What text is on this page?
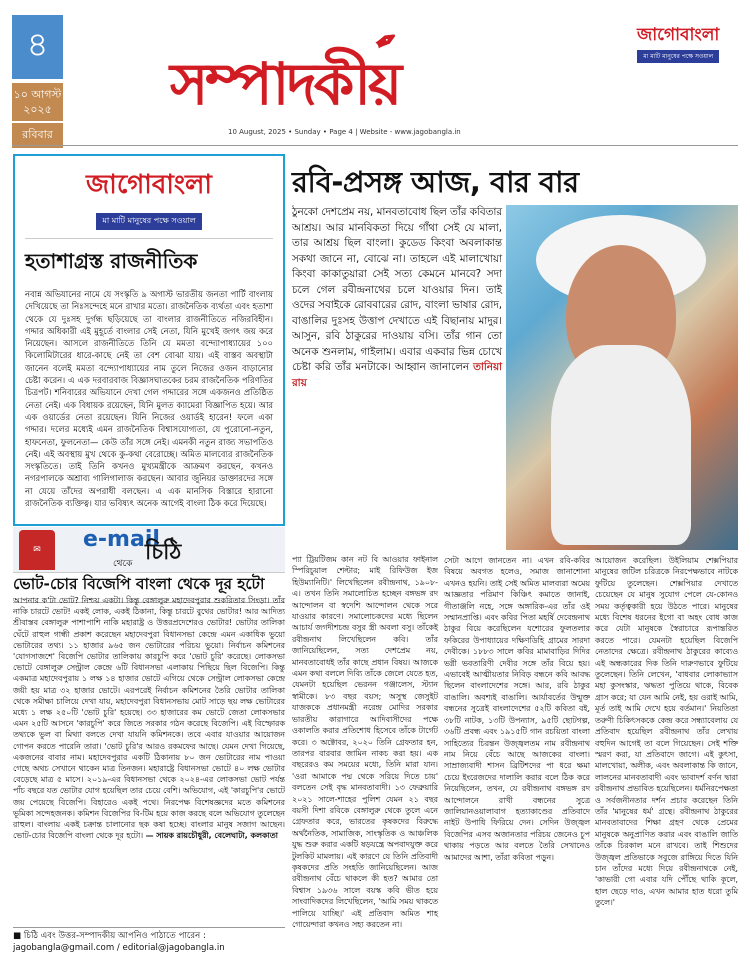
৪
১০ আগস্ট ২০২৫
রবিবার
সম্পাদকীয়
✒	জাগোবাংলা
মা মাটি মানুষের পক্ষে সওয়াল
10 August, 2025 • Sunday • Page 4 | Website - www.jagobangla.in
জাগোবাংলা
মা মাটি মানুষের পক্ষে সওয়াল
হতাশাগ্রস্ত রাজনীতিক

নবান্ন অভিযানের নামে যে সংস্কৃতি ৯ অগাস্ট ভারতীয় জনতা পার্টি বাংলায় দেখিয়েছে তা নিঃসন্দেহে মনে রাখার মতো। রাজনৈতিক ব্যর্থতা এবং হতাশা থেকে যে দুঃসহ দুর্গন্ধ ছড়িয়েছে তা বাংলার রাজনীতিতে নজিরবিহীন। গদ্দার অধিকারী এই মুহূর্তে বাংলার সেই নেতা, যিনি মুখেই জগৎ জয় করে নিয়েছেন। আসলে রাজনীতিতে তিনি যে মমতা বন্দ্যোপাধ্যায়ের ১০০ কিলোমিটারের ধারে-কাছে নেই তা বেশ বোঝা যায়। এই বাস্তব অবস্থাটা জানেন বলেই মমতা বন্দ্যোপাধ্যায়ের নাম তুলে নিজের ওজন বাড়ানোর চেষ্টা করেন। এ এক দরবারবাজ বিজ্ঞাসঘাতকের চরম রাজনৈতিক পরিণতির চিত্রপট। শনিবারের অভিযানে দেখা গেল গদ্দারের সঙ্গে একজনও প্রতিষ্ঠিত নেতা নেই। এক বিধায়ক রয়েছেন, যিনি মুলত ক্যামেরা বিজ্ঞাপিত হয়ে। আর এক ওয়ার্ডের নেতা রয়েছেন। যিনি নিজের ওয়ার্ডই হারেন! ফলে একা গদ্দার। দলের মধ্যেই এমন রাজনৈতিক বিশ্বাসযোগ্যতা, যে পুরোনো-নতুন, হাফনেতা, ফুলনেতা— কেউ তাঁর সঙ্গে নেই। এমনকী নতুন রাজ্য সভাপতিও নেই। এই অবস্থায় মুখ থেকে কু-কথা বেরোচ্ছে। অমিত মালব্যের রাজনৈতিক সংস্কৃতিতে। তাই তিনি কখনও মুখ্যমন্ত্রীকে আক্রমণ করছেন, কখনও নগরপালকে অশ্রাব্য গালিগালাজ করছেন। আবার জুনিয়র ডাক্তারদের সঙ্গে না যেয়ে তাঁদের অপরাধী বলছেন। এ এক মানসিক বিস্তারে হারানো রাজনৈতিক ব্যক্তিত্ব। যার ভবিষ্যৎ অনেক আগেই বাংলা ঠিক করে দিয়েছে।

✉	e-mail
থেকে চিঠি
ভোট-চোর বিজেপি বাংলা থেকে দূর হটো
আপনার ক'টা ভোট? নিশ্চয় একটা। কিন্তু বেঙ্গালুরু মহাদেবপুরার শুকরিতার সিংড়া। তাঁর নাকি চারটে ভোট! একই লোক, একই ঠিকানা, কিন্তু চারটে বুথের ভোটার! আর আদিত্য শ্রীবাস্তব বেঙ্গালুরু পাশাপাশি নাকি মহারাষ্ট্র ও উত্তরপ্রদেশেরও ভোটার! ভোটার তালিকা ঘেঁটে রাহুল গান্ধী প্রকাশ করেছেন মহাদেবপুরা বিধানসভা কেন্দ্রে এমন একাধিক ভুয়ো ভোটারের তথ্য। ১১ হাজার ৯৬৫ জন ভোটারের পরিচয় ভুয়ো। নির্বাচন কমিশনের 'যোগসাজশে' বিজেপি ভোটার তালিকায় কারচুপি করে 'ভোট চুরি' করেছে। লোকসভা ভোটে বেঙ্গালুরু সেন্ট্রাল কেন্দ্রে ৬টি বিধানসভা এলাকায় পিছিয়ে ছিল বিজেপি। কিন্তু একমাত্র মহাদেবপুরায় ১ লক্ষ ১৪ হাজার ভোটে এগিয়ে থেকে সেন্ট্রাল লোকসভা কেন্দ্রে জয়ী হয় মাত্র ৩২ হাজার ভোটে। এরপরেই নির্বাচন কমিশনের তৈরি ভোটার তালিকা থেকে সমীক্ষা চালিয়ে দেখা যায়, মহাদেবপুরা বিধানসভায় মোট সাড়ে ছয় লক্ষ ভোটারের মধ্যে ১ লক্ষ ২৫০টি 'ভোট চুরি' হয়েছে। ৩৩ হাজারের কম ভোটে জেতা লোকসভার এমন ২৫টি আসনে 'কারচুপি' করে জিতে সরকার গঠন করেছে বিজেপি। এই বিস্ফোরক তথ্যকে ভুল বা মিথ্যা বলতে দেখা যায়নি কমিশনকে। তবে এবার যাওয়ার আয়োজন গোপন করতে পারেনি তারা। 'ভোট চুরি'র আরও রকমফের আছে। যেমন দেখা গিয়েছে, একজনের বাবার নাম। মহাদেবপুরার একটি ঠিকানায় ৮০ জন ভোটারের নাম পাওয়া গেছে অথচ সেখানে থাকেন মাত্র তিনজন। মহারাষ্ট্রে বিধানসভা ভোটে ৪০ লক্ষ ভোটার বেড়েছে মাত্র ৫ মাসে। ২০১৯-এর বিধানসভা থেকে ২০২৪-এর লোকসভা ভোট পর্যন্ত পাঁচ বছরে যত ভোটার যোগ হয়েছিল তার চেয়ে বেশি। অভিযোগ, এই 'কারচুপি'র ভোটে জয় পেয়েছে বিজেপি। বিহারেও একই পথে। নিরপেক্ষ বিশেষজ্ঞদের মতে কমিশনের ভূমিকা সন্দেহজনক। কমিশন বিজেপির বি-টিম হয়ে কাজ করছে বলে অভিযোগ তুলেছেন রাহুল। বাংলায় একই চক্রান্ত চালানোর ছক কষা হচ্ছে। বাংলার মানুষ সজাগ আছেন। ভোট-চোর বিজেপি বাংলা থেকে দূর হটো। — সায়ক রায়চৌধুরী, বেলেঘাটা, কলকাতা
■ চিঠি এবং উত্তর-সম্পাদকীয় আপনিও পাঠাতে পারেন :
jagobangla@gmail.com / editorial@jagobangla.in
রবি-প্রসঙ্গ আজ, বার বার
ঠুনকো দেশপ্রেম নয়, মানবতাবোধ ছিল তাঁর কবিতার আশ্রয়। আর মানবিকতা দিয়ে গাঁথা সেই যে মালা, তার আশ্রয় ছিল বাংলা। কুডেড কিংবা অবলাকান্ত সকথা জানে না, বোঝে না। তাহলে এই মালাখোয়া কিংবা কাকাতুয়ারা সেই সত্য কেমনে মানবে? সদা চলে গেল রবীন্দ্রনাথের চলে যাওয়ার দিন। তাই ওদের সবাইকে রোববারের রোদ, বাংলা ভাষার রোদ, বাঙালির দুঃসহ উত্তাপ দেখাতে এই বিছানায় মাদুর। আসুন, রবি ঠাকুরের দাওয়ায় বসি। তাঁর গান তো অনেক শুনলাম, গাইলাম। এবার একবার ভিন্ন চোখে চেষ্টা করি তাঁর মনটাকে। আহ্বান জানালেন তানিয়া রায়
প্যা ট্রিয়টিজম কান নট বি আওয়ার ফাইনাল স্পিরিচুয়াল শেল্টার; মাই রিফিউজ ইজ হিউম্যানিটি।' লিখেছিলেন রবীন্দ্রনাথ, ১৯০৮-এ। তখন তিনি সমালোচিত হচ্ছেন বঙ্গভঙ্গ রদ আন্দোলন বা স্বদেশি আন্দোলন থেকে সরে যাওয়ার কারণে। সমালোচকদের মধ্যে ছিলেন আচার্য জগদীশচন্দ্র বসুর স্ত্রী অবলা বসু। তাঁকেই রবীন্দ্রনাথ লিখেছিলেন কবি। তাঁর জানিয়েছিলেন, সত্য দেশপ্রেম নয়, মানবতাবোধই তাঁর কাছে প্রধান বিষয়। আজকে এমন কথা বললে দিব্যি তাঁকে জেলে যেতে হত, যেমনটা হয়েছিল ভেরনন গঞ্জালেস, স্ট্যান স্বামীকে। ৮৩ বছর বয়স; অসুস্থ জেসুইট যাজককে প্রধানমন্ত্রী নরেন্দ্র মোদির সরকার ভারতীয় কারাগারে আদিবাসীদের পক্ষে ওকালতি করার প্রতিশোধ হিসেবে তাঁকে টার্গেট করে। ৩ অক্টোবর, ২০২০ তিনি গ্রেফতার হন, তারপর বারবার জামিন নাকচ করা হয়। এক বছরেরও কম সময়ের মধ্যে, তিনি মারা যান। 'ওরা আমাকে পদ্ম থেকে সরিয়ে দিতে চায়' বলতেন সেই বৃদ্ধ মানবতাবাদী। ১৩ ফেব্রুয়ারি ২০২১ সালে-শাহের পুলিশ যেমন ২১ বছর বয়সী দিশা রবিকে বেঙ্গালুরু থেকে তুলে এনে গ্রেফতার করে, ভারতের কৃষকদের বিরুদ্ধে অর্থনৈতিক, সামাজিক, সাংস্কৃতিক ও আঞ্চলিক যুদ্ধ শুরু করার একটি ষড়যন্ত্রে অপবাদযুক্ত করে টুলকিট মামলায়। এই কারণে যে তিনি প্রতিবাদী কৃষকদের প্রতি সংহতি জানিয়েছিলেন। আজ রবীন্দ্রনাথ বেঁচে থাকলে কী হত? আমার তো বিশ্বাস ১৯৩৬ সালে বয়স্ক কবি ভীত হয়ে সাংবাদিকদের লিখেছিলেন, 'আমি সময় থাকতে পালিয়ে যাচ্ছি।' এই প্রতিবাদ অমিত শাহ গোয়েন্দারা কখনও সহ্য করতেন না।
সেটা আগে জানতেন না। এখন রবি-কবির বিষয়ে অবগত হলেও, সমাজ জানাশোনা এখনও হয়নি। তাই সেই অমিত মালব্যরা অমেয় আজ্ঞতার পরিমাণ কিঞ্চিৎ কমাতে জানাই, গীতাঞ্জলি নহে, সঙ্গে অঙ্গারিক-এর তাঁর ওই সম্মানপ্রাপ্তি। এবং কবির পিতা মহর্ষি দেবেন্দ্রনাথ ঠাকুর বিয়ে করেছিলেন যশোরের ফুলতলার ফকিরের উপাধ্যায়ের দক্ষিণডিহি গ্রামের সারদা দেবীকে। ১৮৮৩ সালে কবির মামাবাড়ির দিদির ভগ্নী ভবতারিণী দেবীর সঙ্গে তাঁর বিয়ে হয়। এভাবেই আত্মীয়তার নিবিড় বন্ধনে কবি আবদ্ধ ছিলেন বাংলাদেশের সঙ্গে। আর, রবি ঠাকুর বাঙালি। অবশ্যই বাঙালি। আর্যাবর্তের উন্মুক্ত বন্ধনের সুত্রেই বাংলাদেশের ৫২টি কবিতা বই, ৩৮টি নাটক, ১৩টি উপন্যাস, ৯৫টি ছোটগল্প, ৩৬টি প্রবন্ধ এবং ১৯১৫টি গান রচয়িতা বাংলা সাহিত্যের চিরন্তন উজ্জ্বলতম নাম রবীন্দ্রনাথ নাম নিয়ে বেঁচে আছে আজকের বাংলা। সাম্রাজ্যবাদী শাসন ব্রিটিশদের পা ধরে ক্ষমা চেয়ে ইংরেজদের দালালি করার বলে ঠিক করে নিয়েছিলেন, তখন, যে রবীন্দ্রনাথ বঙ্গভঙ্গ রদ আন্দোলনে রাখী বন্ধনের সুত্রে জালিয়ানওয়ালাবাগ হত্যাকাণ্ডের প্রতিবাদে নাইট উপাধি ফিরিয়ে দেন। সেদিন উজ্জ্বল বিজেপির এসব অজানতার পরিচয় জেনেও চুপ থাকায় পড়তে আর বলতে তৈরি সেখানেও আমাদের আশা, তাঁরা কবিতা পড়ুন।
আয়োজন করেছিল। উইলিয়াম শেক্সপিয়ার মানুষের জটিল চরিত্রকে নিরপেক্ষভাবে নাটকে ফুটিয়ে তুলেছেন। শেক্সপিয়ার দেখাতে চেয়েছেন যে মানুষ সুযোগ পেলে যে-কোনও সময় কর্তৃত্বকারী হয়ে উঠতে পারে। মানুষের মধ্যে বিশেষ ধরনের ইগো বা অহং বোধ কাজ করে যেটা মানুষকে স্বৈরাচারে রূপান্তরিত করতে পারে। যেমনটা হয়েছিল বিজেপি নেতাদের ক্ষেত্রে। রবীন্দ্রনাথ ঠাকুরের কাব্যেও এই অন্ধকারের দিক তিনি দারুণভাবে ফুটিয়ে তুলেছেন। তিনি লেখেন, 'বাধবার লোকাভ্যাস মহা কুসংস্কার, ঋদ্ধতা পুতিয়ে থাকে, বিবেক গ্রাস করে; যা যেন আমি নেই, হয় ওরাই আমি, মূর্ত তাই আমি দেখে হয়ে বর্তমান।' নিয়তিতা তরুণী চিকিৎসককে কেন্দ্র করে সন্ধ্যাবেলায় যে প্রতিবাদ হয়েছিল রবীন্দ্রনাথ তাঁর লেখায় বহুদিন আগেই তা বলে গিয়েছেন। সেই শক্তি স্মরণ করা, যা প্রতিবাদে জাগে। এই কুৎসা, মালখোয়া, অলীক, এবং অবলাকান্ত কি জানে, লালনের মানবতাবাদী এবং ভাবাদর্শ বর্ণন দ্বারা রবীন্দ্রনাথ প্রভাবিত হয়েছিলেন। ধর্মনিরপেক্ষতা ও সর্বজনীনতার দর্শন প্রচার করেছেন তিনি তাঁর 'মানুষের ধর্ম' গ্রন্থে। রবীন্দ্রনাথ ঠাকুরের মানবতাবাদের শিক্ষা গ্রহণ থেকে প্রেমের মানুষকে অনুপ্রাণিত করার এবং বাঙালি জাতি তাঁকে চিরকাল মনে রাখবে। তাই শিশুদের উজ্জ্বল প্রতিভাকে সবুজে রাঙ্গিয়ে দিতে যিনি চান তাঁদের মধ্যে দিয়ে রবীন্দ্রনাথকে নেই, 'কাভারী গো এবার যদি পৌঁছে থাকি কূলে, হাল ছেড়ে দাও, এখন আমার হাত ধরো তুমি তুলে।'
